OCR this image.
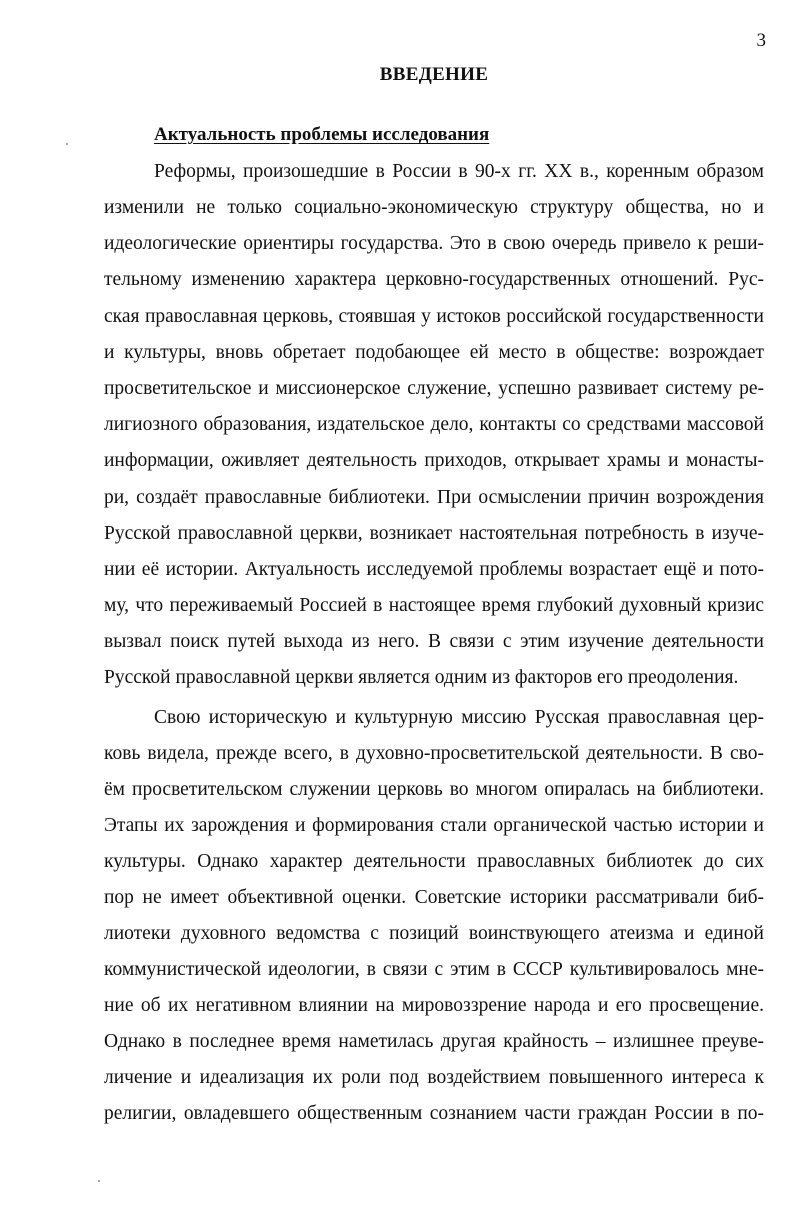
3
ВВЕДЕНИЕ
Актуальность проблемы исследования
Реформы, произошедшие в России в 90-х гг. XX в., коренным образом
изменили не только социально-экономическую структуру общества, но и
идеологические ориентиры государства. Это в свою очередь привело к реши-
тельному изменению характера церковно-государственных отношений. Рус-
ская православная церковь, стоявшая у истоков российской государственности
и культуры, вновь обретает подобающее ей место в обществе: возрождает
просветительское и миссионерское служение, успешно развивает систему ре-
лигиозного образования, издательское дело, контакты со средствами массовой
информации, оживляет деятельность приходов, открывает храмы и монасты-
ри, создаёт православные библиотеки. При осмыслении причин возрождения
Русской православной церкви, возникает настоятельная потребность в изуче-
нии её истории. Актуальность исследуемой проблемы возрастает ещё и пото-
му, что переживаемый Россией в настоящее время глубокий духовный кризис
вызвал поиск путей выхода из него. В связи с этим изучение деятельности
Русской православной церкви является одним из факторов его преодоления.
Свою историческую и культурную миссию Русская православная цер-
ковь видела, прежде всего, в духовно-просветительской деятельности. В сво-
ём просветительском служении церковь во многом опиралась на библиотеки.
Этапы их зарождения и формирования стали органической частью истории и
культуры. Однако характер деятельности православных библиотек до сих
пор не имеет объективной оценки. Советские историки рассматривали биб-
лиотеки духовного ведомства с позиций воинствующего атеизма и единой
коммунистической идеологии, в связи с этим в СССР культивировалось мне-
ние об их негативном влиянии на мировоззрение народа и его просвещение.
Однако в последнее время наметилась другая крайность – излишнее преуве-
личение и идеализация их роли под воздействием повышенного интереса к
религии, овладевшего общественным сознанием части граждан России в по-
